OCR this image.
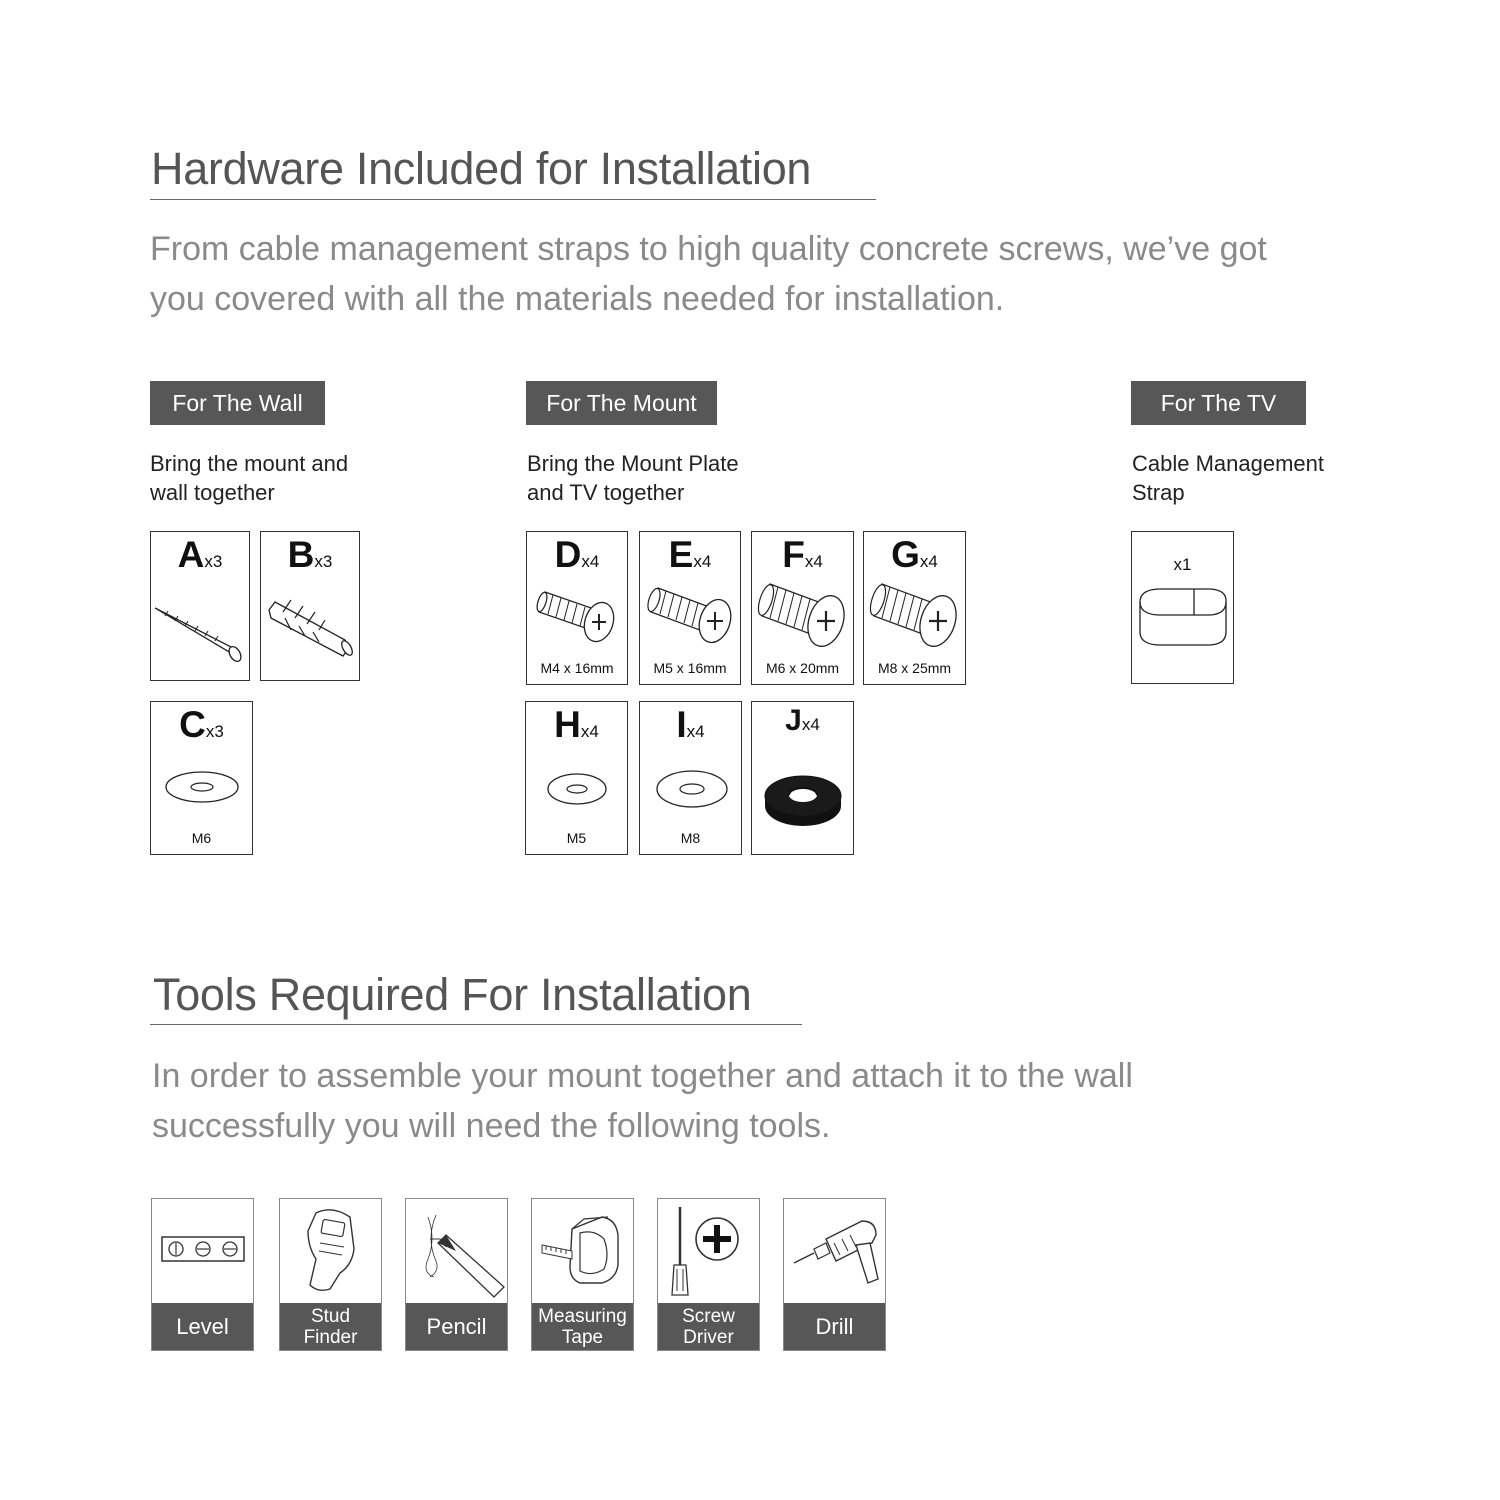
Hardware Included for Installation
From cable management straps to high quality concrete screws, we’ve got
you covered with all the materials needed for installation.
For The Wall
Bring the mount and
wall together
Ax3	Bx3
Cx3
M6
For The Mount
Bring the Mount Plate
and TV together
Dx4
M4 x 16mm
Ex4
M5 x 16mm
Fx4
M6 x 20mm
Gx4
M8 x 25mm
Hx4
M5
Ix4
M8
Jx4
For The TV
Cable Management
Strap
x1
Tools Required For Installation
In order to assemble your mount together and attach it to the wall
successfully you will need the following tools.
Level	Stud
Finder	Pencil	Measuring
Tape
Screw
Driver	Drill
